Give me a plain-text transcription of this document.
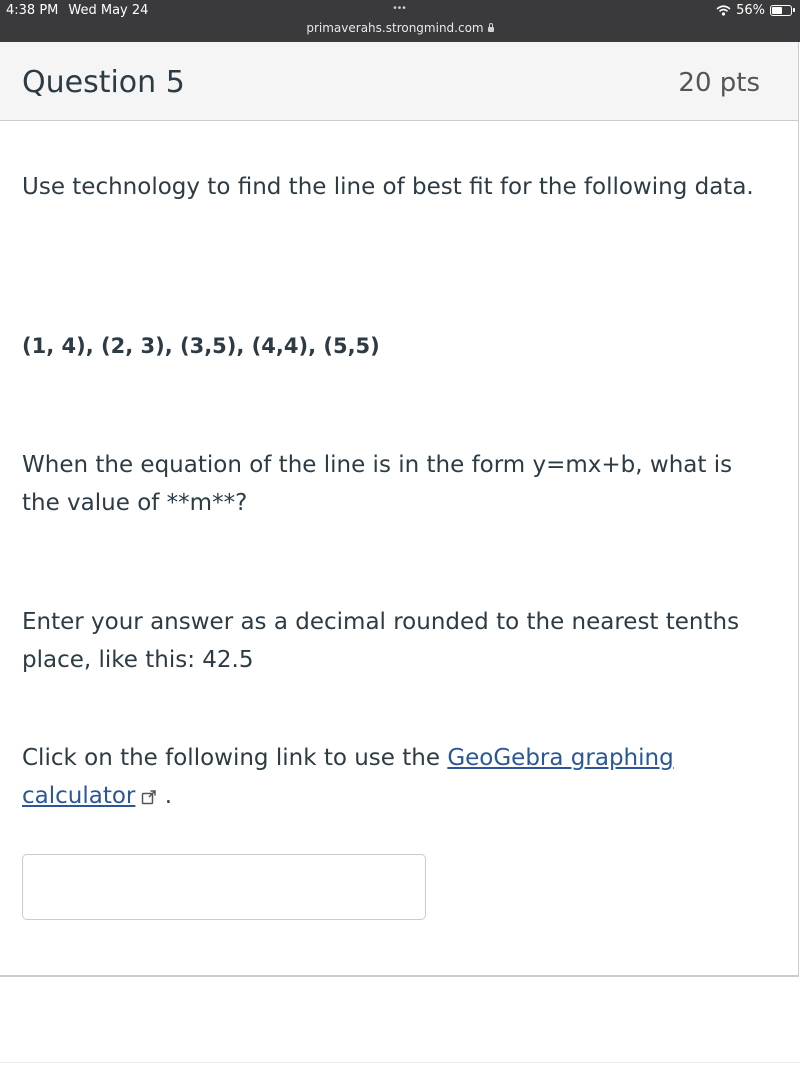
4:38 PM Wed May 24	•••	56%
primaverahs.strongmind.com
Question 5	20 pts

Use technology to find the line of best fit for the following data.

(1, 4), (2, 3), (3,5), (4,4), (5,5)

When the equation of the line is in the form y=mx+b, what is the value of **m**?

Enter your answer as a decimal rounded to the nearest tenths place, like this: 42.5

Click on the following link to use the GeoGebra graphing calculator .
